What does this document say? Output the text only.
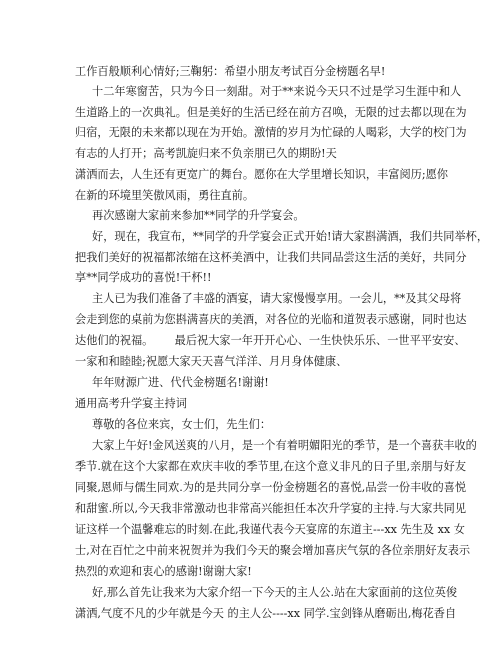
工作百般顺利心情好;三鞠躬：希望小朋友考试百分金榜题名早!
十二年寒窗苦，只为今日一刻甜。对于**来说今天只不过是学习生涯中和人
生道路上的一次典礼。但是美好的生活已经在前方召唤，无限的过去都以现在为
归宿，无限的未来都以现在为开始。激情的岁月为忙碌的人喝彩，大学的校门为
有志的人打开；高考凯旋归来不负亲朋已久的期盼!天
潇洒而去，人生还有更宽广的舞台。愿你在大学里增长知识，丰富阅历;愿你
在新的环境里笑傲风雨，勇往直前。
再次感谢大家前来参加**同学的升学宴会。
好，现在，我宣布，**同学的升学宴会正式开始!请大家斟满酒，我们共同举杯，
把我们美好的祝福都浓缩在这杯美酒中，让我们共同品尝这生活的美好，共同分
享**同学成功的喜悦!干杯!!
主人已为我们准备了丰盛的酒宴，请大家慢慢享用。一会儿，**及其父母将
会走到您的桌前为您斟满喜庆的美酒，对各位的光临和道贺表示感谢，同时也达
达他们的祝福。      最后祝大家一年开开心心、一生快快乐乐、一世平平安安、
一家和和睦睦;祝愿大家天天喜气洋洋、月月身体健康、
年年财源广进、代代金榜题名!谢谢!
通用高考升学宴主持词
尊敬的各位来宾，女士们，先生们：
大家上午好!金风送爽的八月，是一个有着明媚阳光的季节，是一个喜获丰收的
季节.就在这个大家都在欢庆丰收的季节里,在这个意义非凡的日子里,亲朋与好友
同聚,恩师与儒生同欢.为的是共同分享一份金榜题名的喜悦,品尝一份丰收的喜悦
和甜蜜.所以,今天我非常激动也非常高兴能担任本次升学宴的主持.与大家共同见
证这样一个温馨难忘的时刻.在此,我谨代表今天宴席的东道主---xx 先生及 xx 女
士,对在百忙之中前来祝贺并为我们今天的聚会增加喜庆气氛的各位亲朋好友表示
热烈的欢迎和衷心的感谢!谢谢大家!
好,那么首先让我来为大家介绍一下今天的主人公.站在大家面前的这位英俊
潇洒,气度不凡的少年就是今天 的主人公----xx 同学.宝剑锋从磨砺出,梅花香自
